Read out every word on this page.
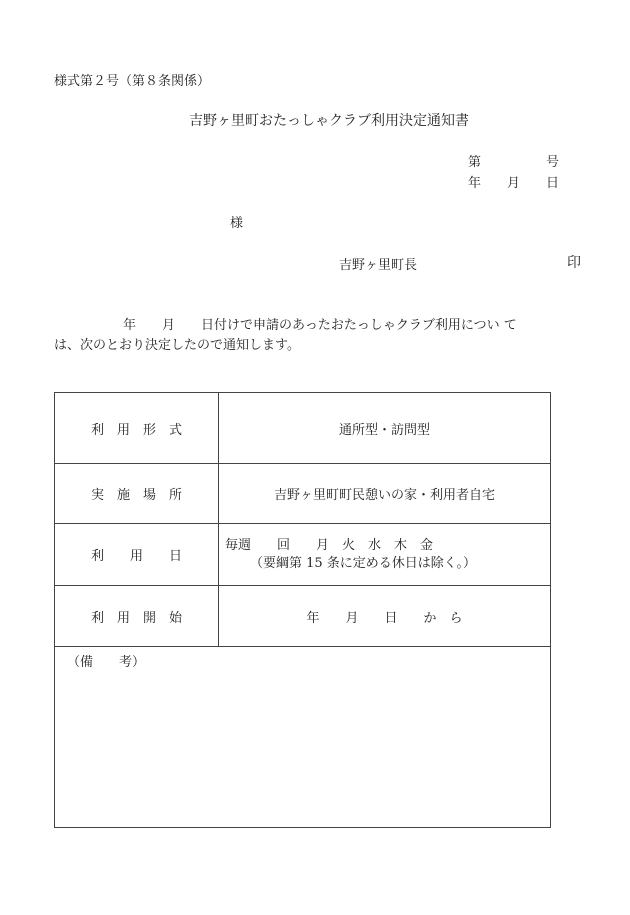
様式第２号（第８条関係）
吉野ヶ里町おたっしゃクラブ利用決定通知書
第　　　　　号
年　　月　　日
様
吉野ヶ里町長	印
年　　月　　日付けで申請のあったおたっしゃクラブ利用につい て
は、次のとおり決定したので通知します。
利　用　形　式	通所型・訪問型
実　施　場　所	吉野ヶ里町町民憩いの家・利用者自宅
利　　用　　日	毎週　　回　　月　火　水　木　金
（要綱第 15 条に定める休日は除く。）

利　用　開　始	年　　月　　日　　か　ら
（備　　考）	
